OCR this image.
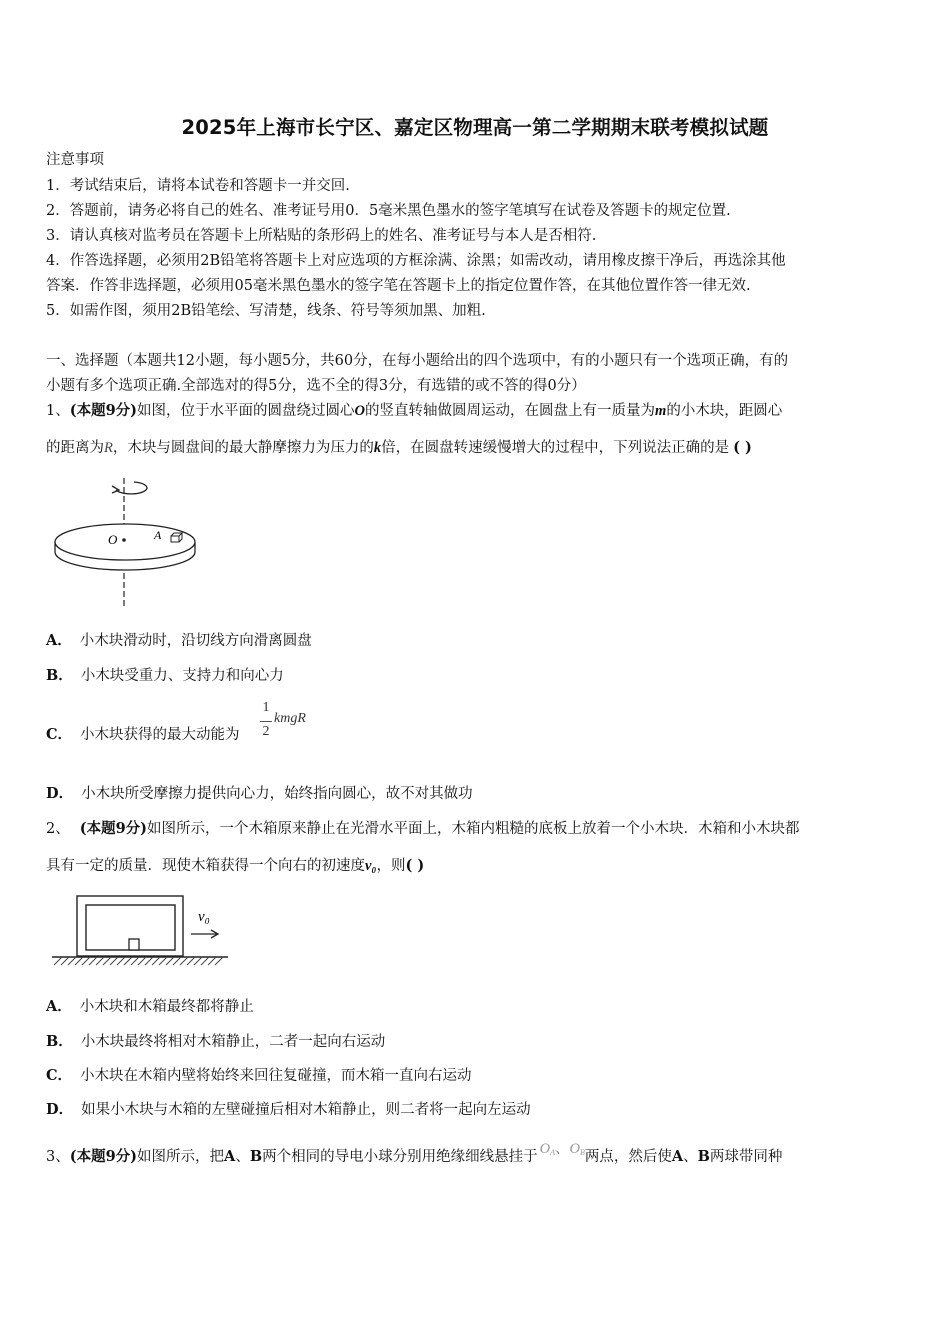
2025年上海市长宁区、嘉定区物理高一第二学期期末联考模拟试题
注意事项
1．考试结束后，请将本试卷和答题卡一并交回.
2．答题前，请务必将自己的姓名、准考证号用0．5毫米黑色墨水的签字笔填写在试卷及答题卡的规定位置.
3．请认真核对监考员在答题卡上所粘贴的条形码上的姓名、准考证号与本人是否相符.
4．作答选择题，必须用2B铅笔将答题卡上对应选项的方框涂满、涂黑；如需改动，请用橡皮擦干净后，再选涂其他
答案．作答非选择题，必须用05毫米黑色墨水的签字笔在答题卡上的指定位置作答，在其他位置作答一律无效.
5．如需作图，须用2B铅笔绘、写清楚，线条、符号等须加黑、加粗.
一、选择题（本题共12小题，每小题5分，共60分，在每小题给出的四个选项中，有的小题只有一个选项正确，有的
小题有多个选项正确.全部选对的得5分，选不全的得3分，有选错的或不答的得0分）
1、(本题9分)如图，位于水平面的圆盘绕过圆心O的竖直转轴做圆周运动，在圆盘上有一质量为m的小木块，距圆心
的距离为R，木块与圆盘间的最大静摩擦力为压力的k倍，在圆盘转速缓慢增大的过程中，下列说法正确的是 ( )
O	A
A． 小木块滑动时，沿切线方向滑离圆盘
B． 小木块受重力、支持力和向心力
C． 小木块获得的最大动能为
1
2
kmgR
D． 小木块所受摩擦力提供向心力，始终指向圆心，故不对其做功
2、 (本题9分)如图所示，一个木箱原来静止在光滑水平面上，木箱内粗糙的底板上放着一个小木块．木箱和小木块都
具有一定的质量．现使木箱获得一个向右的初速度v₀，则( )
v₀
A． 小木块和木箱最终都将静止
B． 小木块最终将相对木箱静止，二者一起向右运动
C． 小木块在木箱内壁将始终来回往复碰撞，而木箱一直向右运动
D． 如果小木块与木箱的左壁碰撞后相对木箱静止，则二者将一起向左运动
3、(本题9分)如图所示，把A、B两个相同的导电小球分别用绝缘细线悬挂于 $O^A$、$O^B$两点，然后使A、B两球带同种
